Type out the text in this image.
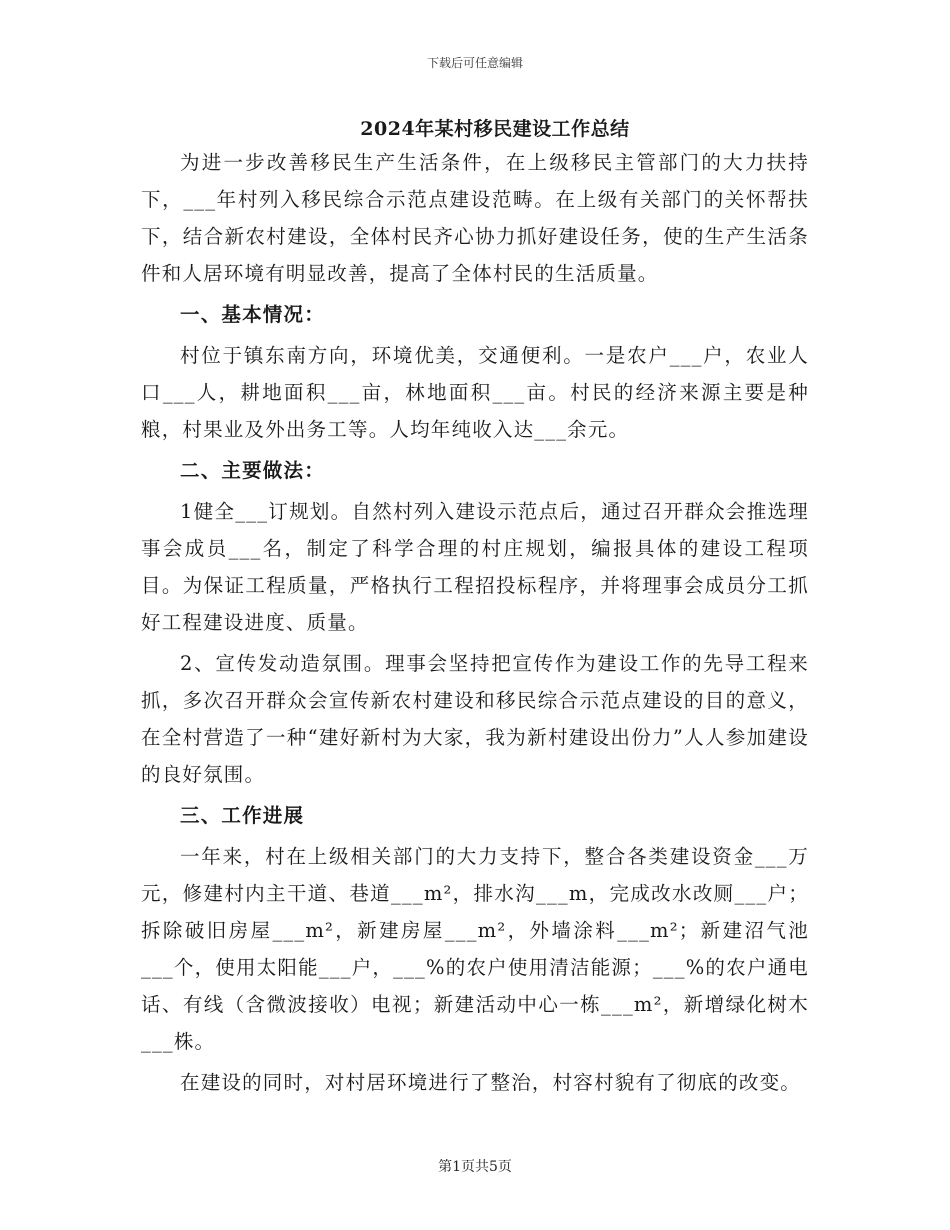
下载后可任意编辑
2024年某村移民建设工作总结

为进一步改善移民生产生活条件，在上级移民主管部门的大力扶持下，___年村列入移民综合示范点建设范畴。在上级有关部门的关怀帮扶下，结合新农村建设，全体村民齐心协力抓好建设任务，使的生产生活条件和人居环境有明显改善，提高了全体村民的生活质量。

一、基本情况：

村位于镇东南方向，环境优美，交通便利。一是农户___户，农业人口___人，耕地面积___亩，林地面积___亩。村民的经济来源主要是种粮，村果业及外出务工等。人均年纯收入达___余元。

二、主要做法：

1健全___订规划。自然村列入建设示范点后，通过召开群众会推选理事会成员___名，制定了科学合理的村庄规划，编报具体的建设工程项目。为保证工程质量，严格执行工程招投标程序，并将理事会成员分工抓好工程建设进度、质量。

2、宣传发动造氛围。理事会坚持把宣传作为建设工作的先导工程来抓，多次召开群众会宣传新农村建设和移民综合示范点建设的目的意义，在全村营造了一种“建好新村为大家，我为新村建设出份力”人人参加建设的良好氛围。

三、工作进展

一年来，村在上级相关部门的大力支持下，整合各类建设资金___万元，修建村内主干道、巷道___m²，排水沟___m，完成改水改厕___户；拆除破旧房屋___m²，新建房屋___m²，外墙涂料___m²；新建沼气池___个，使用太阳能___户，___%的农户使用清洁能源；___%的农户通电话、有线（含微波接收）电视；新建活动中心一栋___m²，新增绿化树木___株。

在建设的同时，对村居环境进行了整治，村容村貌有了彻底的改变。

第1页共5页
